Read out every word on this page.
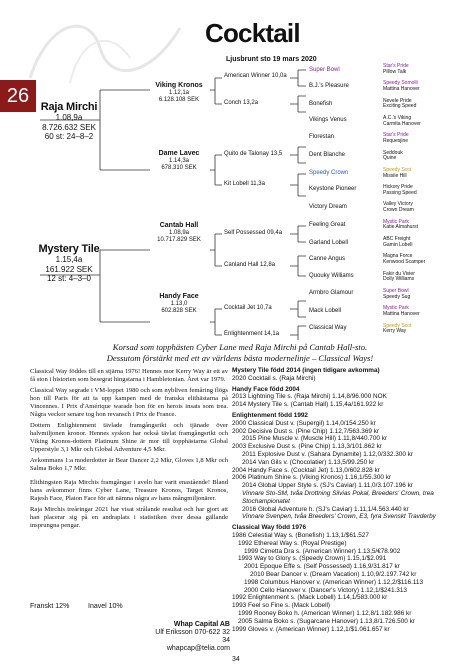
Cocktail
Ljusbrunt sto 19 mars 2020
26	Raja Mirchi
1.08,9a
8.726.632 SEK
60 st: 24–8–2
Mystery Tile
1.15,4a
161.922 SEK
12 st: 4–3–0
Viking Kronos
1.12,1a
6.128.108 SEK
Dame Lavec
1.14,3a
678.310 SEK
Cantab Hall
1.08,9a
10.717.829 SEK
Handy Face
1.13,0
602.828 SEK
American Winner 10,0a
Conch 13,2a
Quito de Talonay 13,5
Kit Lobell 11,3a
Self Possessed 09,4a
Canland Hall 12,8a
Cocktail Jet 10,7a
Enlightenment 14,1a
Super Bowl
B.J.'s Pleasure
Bonefish
Vikings Venus
Florestan
Dent Blanche
Speedy Crown
Keystone Pioneer
Victory Dream
Feeling Great
Garland Lobell
Canne Angus
Quouky Williams
Armbro Glamour
Mack Lobell
Classical Way
Star's Pride
Pillow Talk
Speedy Somolli
Mattina Hanover
Nevele Pride
Exciting Speed
A.C.'s Viking
Carmita Hanover
Star's Pride
Requesjine
Seddouk
Quine
Speedy Scot
Missile Hill
Hickory Pride
Passing Speed
Valley Victory
Crown Dream
Mystic Park
Katie Almahurst
ABC Freight
Gamin Lobell
Magna Force
Kenwood Scamper
Fakir du Vivier
Dolly Williams
Super Bowl
Speedy Sug
Mystic Park
Mattina Hanover
Speedy Scot
Kerry Way
Korsad som topphästen Cyber Lane med Raja Mirchi på Cantab Hall-sto.
Dessutom förstärkt med ett av världens bästa modernelinje – Classical Ways!

Classical Way föddes till en stjärna 1976! Hennes mor Kerry Way är ett av få ston i historien som besegrat hingstarna i Hambletonian. Året var 1979.

Classical Way segrade i VM-loppet 1980 och som nybliven femåring flögs hon till Paris för att ta upp kampen med de franska elithästarna på Vincennes. I Prix d'Amérique warade hon för en herois insats som trea. Några veckor senare tog hon revansch i Prix de France.

Dottern Enlightenment tävlade framgångsrikt och tjänade över halvmiljonen kronor. Hennes syskon har också tävlat framgångsrikt och Viking Kronos-dottern Platinum Shine är mor till topphästarna Global Upperstyle 3,1 Mkr och Global Adventure 4,5 Mkr.

Avkommans 1:a moderdotter är Bear Dancer 2,2 Mkr, Gloves 1,8 Mkr och Salma Boko 1,7 Mkr.

Elithingsten Raja Mirchis framgångar i aveln har varit enastående! Bland hans avkommor finns Cyber Lane, Treasure Kronos, Target Kronos, Rajesh Face, Platon Face för att nämna några av hans mångmiljonärer.

Raja Mirchis treåringar 2021 har visat strålande resultat och har gjort att han placerar sig på en andraplats i statistiken över dessa gällande insprungna pengar.

Franskt 12%	Inavel 10%
Whap Capital AB
Ulf Eriksson 070-622 32 34
whapcap@telia.com
34
Mystery Tile född 2014 (ingen tidigare avkomma)
2020 Cocktail s. (Raja Mirchi)
Handy Face född 2004
2013 Lightning Tile s. (Raja Mirchi) 1.14,8/96.000 NOK
2014 Mystery Tile s. (Cantab Hall) 1.15,4a/161.922 kr
Enlightenment född 1992
2000 Classical Dust v. (Supergil) 1.14,0/154.250 kr
2002 Decisive Dust s. (Pine Chip) 1.12,7/563.369 kr
2015 Pine Muscle v. (Muscle Hill) 1.11,8/440.700 kr
2003 Exclusive Dust s. (Pine Chip) 1.13,3/101.862 kr
2011 Explosive Dust v. (Sahara Dynamite) 1.12,0/332.300 kr
2014 Van Gils v. (Chocolatier) 1.13,5/99.250 kr
2004 Handy Face s. (Cocktail Jet) 1.13,0/602.828 kr
2006 Platinum Shine s. (Viking Kronos) 1.16,1/55.300 kr
2014 Global Upper Style s. (SJ's Caviar) 1.11,0/3.107.196 kr
Vinnare Sto-SM, tvåa Drottning Silvias Pokal, Breeders' Crown, trea Stochampionatet
2016 Global Adventure h. (SJ's Caviar) 1.11,1/4.563.440 kr
Vinnare Svenpen, tvåa Breeders' Crown, E3, fyra Svenskt Travderby
Classical Way född 1976
1986 Celestial Way s. (Bonefish) 1.13,1/$61.527
1992 Ethereal Way s. (Royal Prestige)
1999 Cimetta Dra s. (American Winner) 1.13,5/€78.902
1993 Way to Glory s. (Speedy Crown) 1.15,1/$2.091
2001 Epoque Effe s. (Self Possessed) 1.16,9/31.817 kr
2010 Bear Dancer v. (Dream Vacation) 1.10,9/2.197.742 kr
1998 Columbus Hanover v. (American Winner) 1.12,2/$116.113
2000 Cello Hanover v. (Dancer's Victory) 1.12,1/$241.313
1992 Enlightenment s. (Mack Lobell) 1.14,1/583.000 kr
1993 Feel so Fine s. (Mack Lobell)
1999 Rooney Boko h. (American Winner) 1.12,8/1.182.986 kr
2005 Salma Boko s. (Sugarcane Hanover) 1.13,8/1.726.500 kr
1999 Gloves v. (American Winner) 1.12,1/$1.061.657 kr
